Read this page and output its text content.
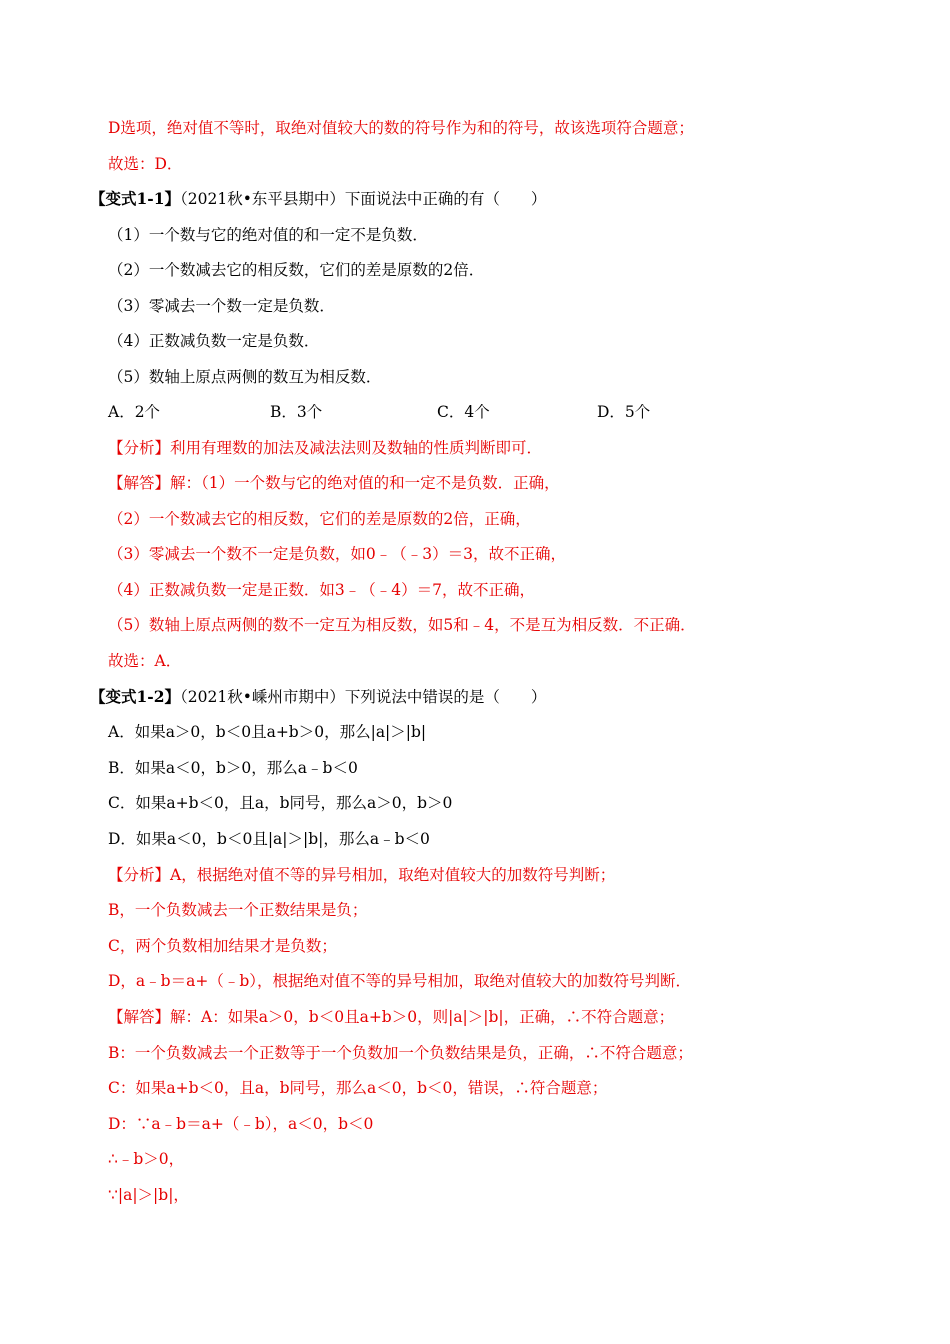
D选项，绝对值不等时，取绝对值较大的数的符号作为和的符号，故该选项符合题意；
故选：D．
【变式1-1】（2021秋•东平县期中）下面说法中正确的有（　　）
（1）一个数与它的绝对值的和一定不是负数．
（2）一个数减去它的相反数，它们的差是原数的2倍．
（3）零减去一个数一定是负数．
（4）正数减负数一定是负数．
（5）数轴上原点两侧的数互为相反数．
A．2个	B．3个	C．4个	D．5个
【分析】利用有理数的加法及减法法则及数轴的性质判断即可．
【解答】解：（1）一个数与它的绝对值的和一定不是负数．正确，
（2）一个数减去它的相反数，它们的差是原数的2倍，正确，
（3）零减去一个数不一定是负数，如0﹣（﹣3）＝3，故不正确，
（4）正数减负数一定是正数．如3﹣（﹣4）＝7，故不正确，
（5）数轴上原点两侧的数不一定互为相反数，如5和﹣4，不是互为相反数．不正确．
故选：A．
【变式1-2】（2021秋•嵊州市期中）下列说法中错误的是（　　）
A．如果a＞0，b＜0且a+b＞0，那么|a|＞|b|
B．如果a＜0，b＞0，那么a﹣b＜0
C．如果a+b＜0，且a，b同号，那么a＞0，b＞0
D．如果a＜0，b＜0且|a|＞|b|，那么a﹣b＜0
【分析】A，根据绝对值不等的异号相加，取绝对值较大的加数符号判断；
B，一个负数减去一个正数结果是负；
C，两个负数相加结果才是负数；
D，a﹣b＝a+（﹣b），根据绝对值不等的异号相加，取绝对值较大的加数符号判断．
【解答】解：A：如果a＞0，b＜0且a+b＞0，则|a|＞|b|，正确，∴不符合题意；
B：一个负数减去一个正数等于一个负数加一个负数结果是负，正确，∴不符合题意；
C：如果a+b＜0，且a，b同号，那么a＜0，b＜0，错误，∴符合题意；
D：∵a﹣b＝a+（﹣b），a＜0，b＜0
∴﹣b＞0，
∵|a|＞|b|，
